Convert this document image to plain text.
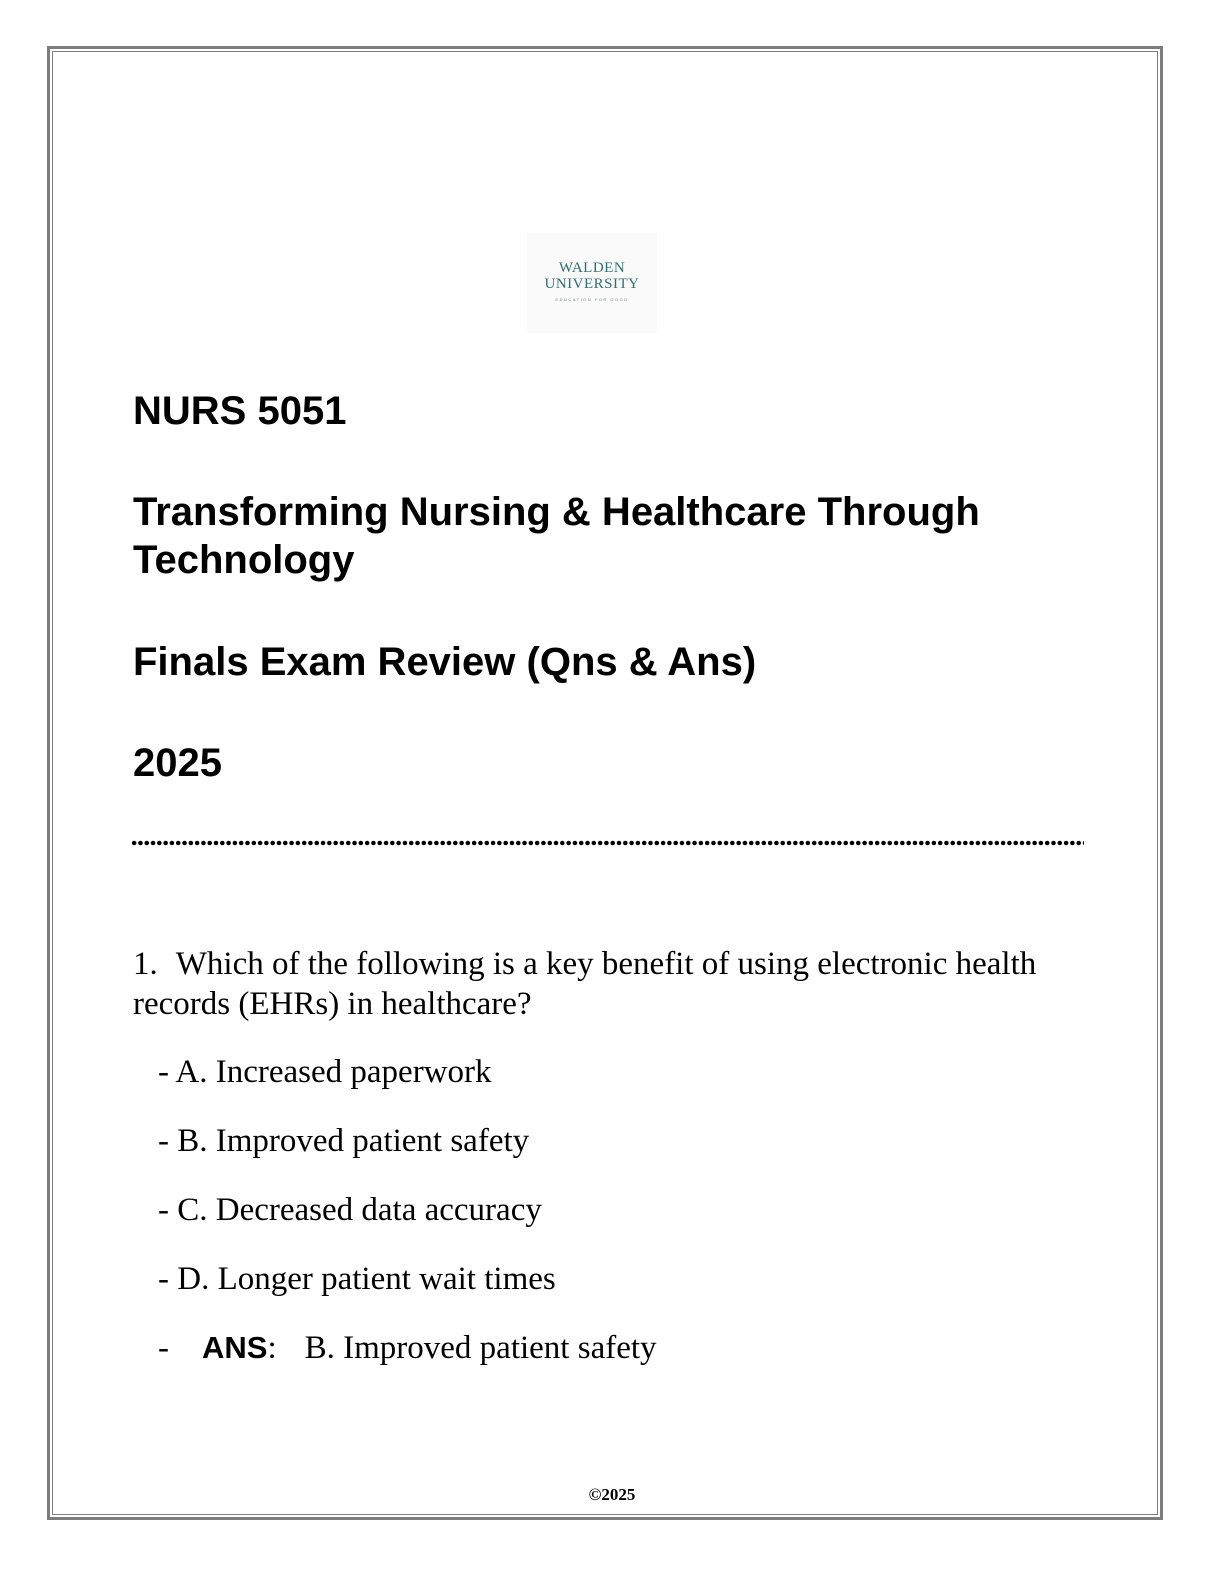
WALDEN
UNIVERSITY
EDUCATION FOR GOOD
NURS 5051
Transforming Nursing & Healthcare Through Technology
Finals Exam Review (Qns & Ans)
2025
1. Which of the following is a key benefit of using electronic health records (EHRs) in healthcare?
- A. Increased paperwork
- B. Improved patient safety
- C. Decreased data accuracy
- D. Longer patient wait times
- ANS: B. Improved patient safety
©2025
